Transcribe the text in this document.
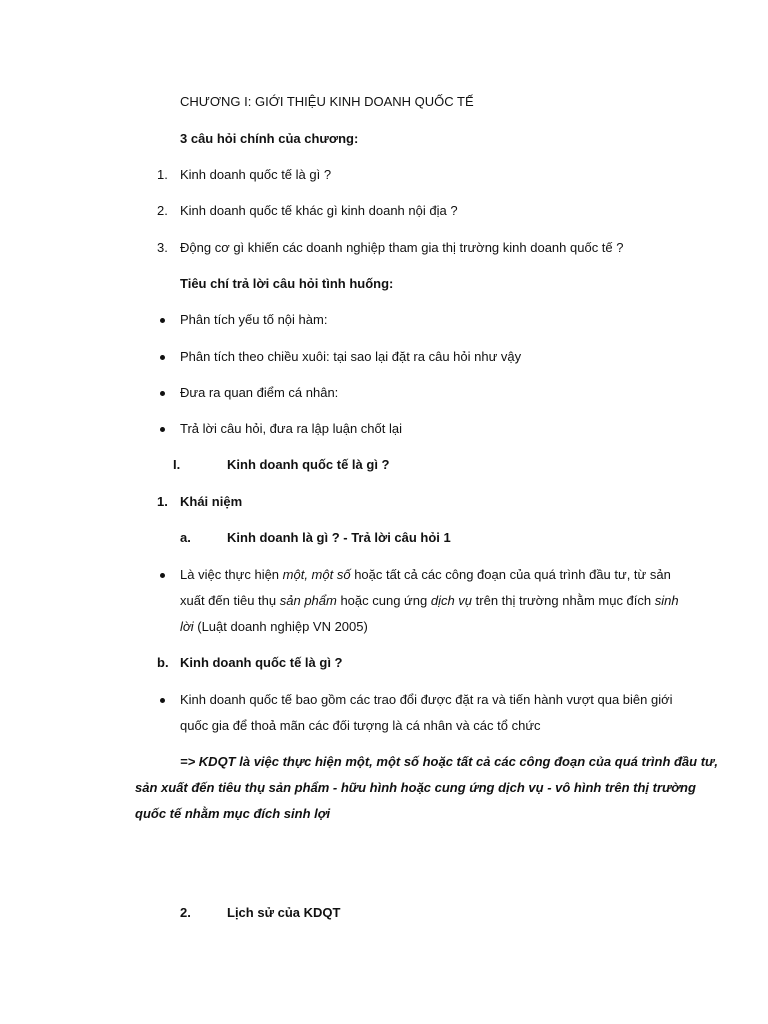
CHƯƠNG I: GIỚI THIỆU KINH DOANH QUỐC TẾ
3 câu hỏi chính của chương:
1. Kinh doanh quốc tế là gì ?
2. Kinh doanh quốc tế khác gì kinh doanh nội địa ?
3. Động cơ gì khiến các doanh nghiệp tham gia thị trường kinh doanh quốc tế ?
Tiêu chí trả lời câu hỏi tình huống:
Phân tích yếu tố nội hàm:
Phân tích theo chiều xuôi: tại sao lại đặt ra câu hỏi như vậy
Đưa ra quan điểm cá nhân:
Trả lời câu hỏi, đưa ra lập luận chốt lại
I.	Kinh doanh quốc tế là gì ?
1. Khái niệm
a.	Kinh doanh là gì ? - Trả lời câu hỏi 1
Là việc thực hiện một, một số hoặc tất cả các công đoạn của quá trình đầu tư, từ sản
xuất đến tiêu thụ sản phẩm hoặc cung ứng dịch vụ trên thị trường nhằm mục đích sinh
lời (Luật doanh nghiệp VN 2005)
b. Kinh doanh quốc tế là gì ?
Kinh doanh quốc tế bao gồm các trao đổi được đặt ra và tiến hành vượt qua biên giới
quốc gia để thoả mãn các đối tượng là cá nhân và các tổ chức
=> KDQT là việc thực hiện một, một số hoặc tất cả các công đoạn của quá trình đầu tư,
sản xuất đến tiêu thụ sản phẩm - hữu hình hoặc cung ứng dịch vụ - vô hình trên thị trường
quốc tế nhằm mục đích sinh lợi
2.	Lịch sử của KDQT
